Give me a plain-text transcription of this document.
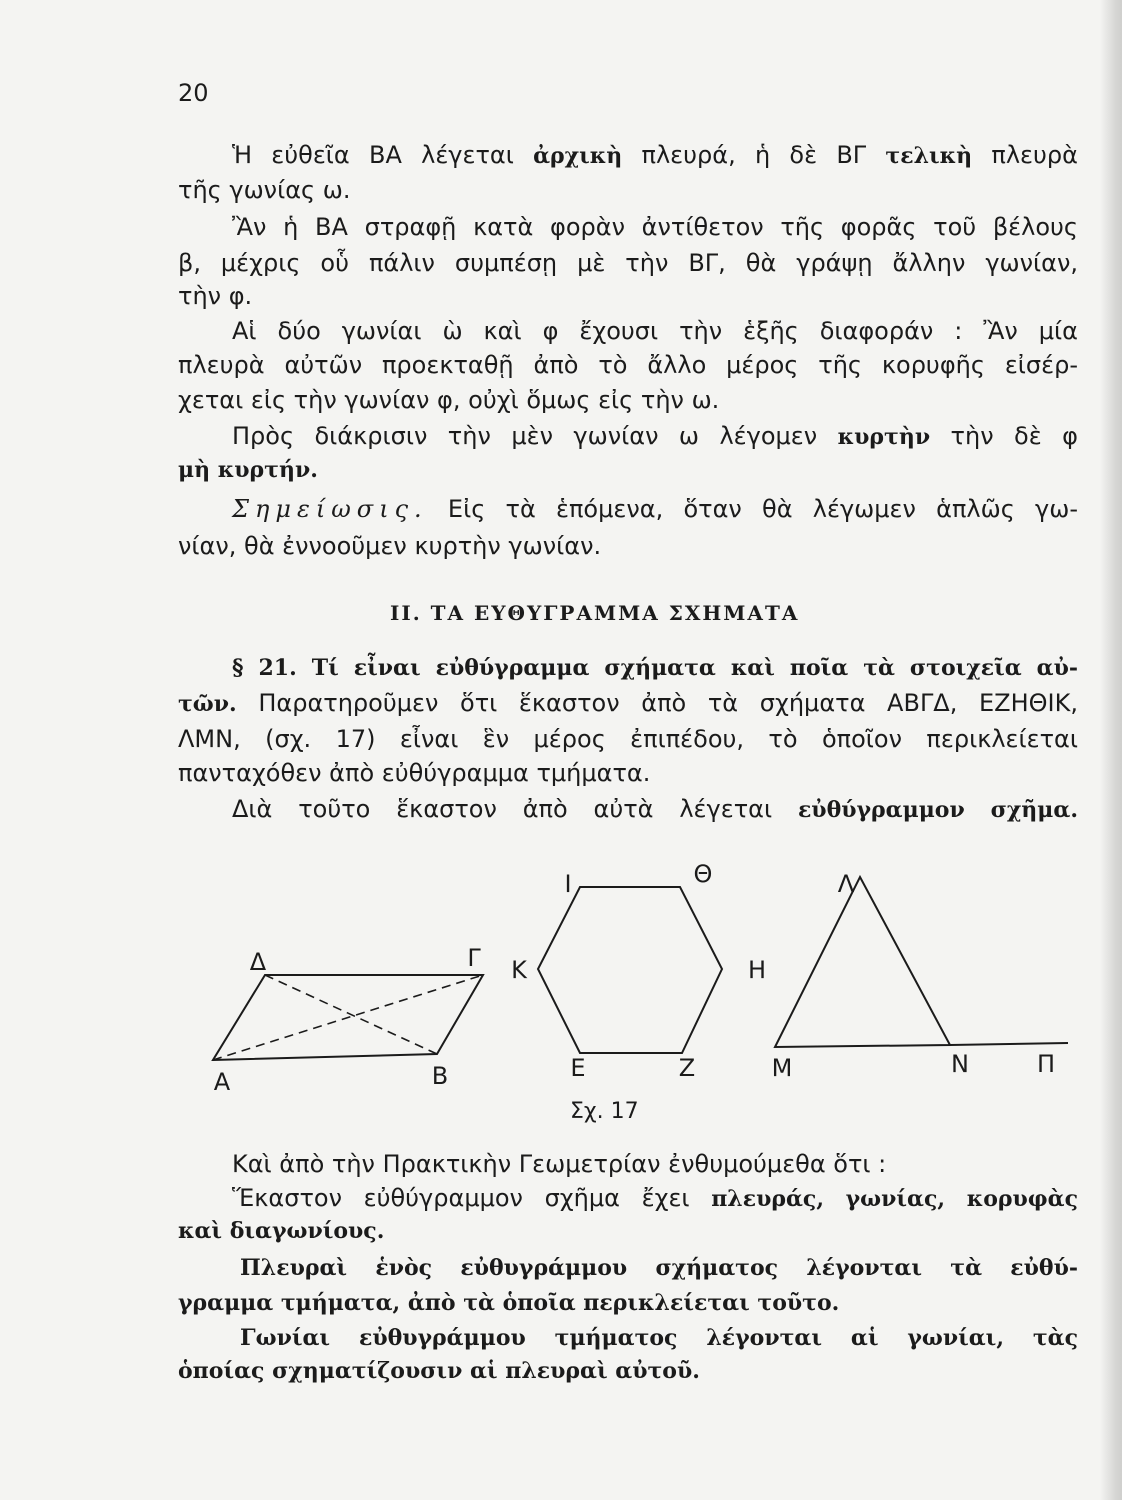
20
Ἡ εὐθεῖα ΒΑ λέγεται ἀρχικὴ πλευρά, ἡ δὲ ΒΓ τελικὴ πλευρὰ
τῆς γωνίας ω.
Ἂν ἡ ΒΑ στραφῇ κατὰ φορὰν ἀντίθετον τῆς φορᾶς τοῦ βέλους
β, μέχρις οὗ πάλιν συμπέσῃ μὲ τὴν ΒΓ, θὰ γράψῃ ἄλλην γωνίαν,
τὴν φ.
Αἱ δύο γωνίαι ὼ καὶ φ ἔχουσι τὴν ἑξῆς διαφοράν : Ἂν μία
πλευρὰ αὐτῶν προεκταθῇ ἀπὸ τὸ ἄλλο μέρος τῆς κορυφῆς εἰσέρ-
χεται εἰς τὴν γωνίαν φ, οὐχὶ ὅμως εἰς τὴν ω.
Πρὸς διάκρισιν τὴν μὲν γωνίαν ω λέγομεν κυρτὴν τὴν δὲ φ
μὴ κυρτήν.
Σημείωσις. Εἰς τὰ ἑπόμενα, ὅταν θὰ λέγωμεν ἁπλῶς γω-
νίαν, θὰ ἐννοοῦμεν κυρτὴν γωνίαν.
II. ΤΑ ΕΥΘΥΓΡΑΜΜΑ ΣΧΗΜΑΤΑ
§ 21. Τί εἶναι εὐθύγραμμα σχήματα καὶ ποῖα τὰ στοιχεῖα αὐ-
τῶν. Παρατηροῦμεν ὅτι ἕκαστον ἀπὸ τὰ σχήματα ΑΒΓΔ, ΕΖΗΘΙΚ,
ΛΜΝ, (σχ. 17) εἶναι ἓν μέρος ἐπιπέδου, τὸ ὁποῖον περικλείεται
πανταχόθεν ἀπὸ εὐθύγραμμα τμήματα.
Διὰ τοῦτο ἕκαστον ἀπὸ αὐτὰ λέγεται εὐθύγραμμον σχῆμα.
Δ	Γ
Α	Β
Ι	Θ
Κ	Η
Ε	Ζ
Λ
Μ	Ν	Π
Σχ. 17
Καὶ ἀπὸ τὴν Πρακτικὴν Γεωμετρίαν ἐνθυμούμεθα ὅτι :
Ἕκαστον εὐθύγραμμον σχῆμα ἔχει πλευράς, γωνίας, κορυφὰς
καὶ διαγωνίους.
Πλευραὶ ἑνὸς εὐθυγράμμου σχήματος λέγονται τὰ εὐθύ-
γραμμα τμήματα, ἀπὸ τὰ ὁποῖα περικλείεται τοῦτο.
Γωνίαι εὐθυγράμμου τμήματος λέγονται αἱ γωνίαι, τὰς
ὁποίας σχηματίζουσιν αἱ πλευραὶ αὐτοῦ.
